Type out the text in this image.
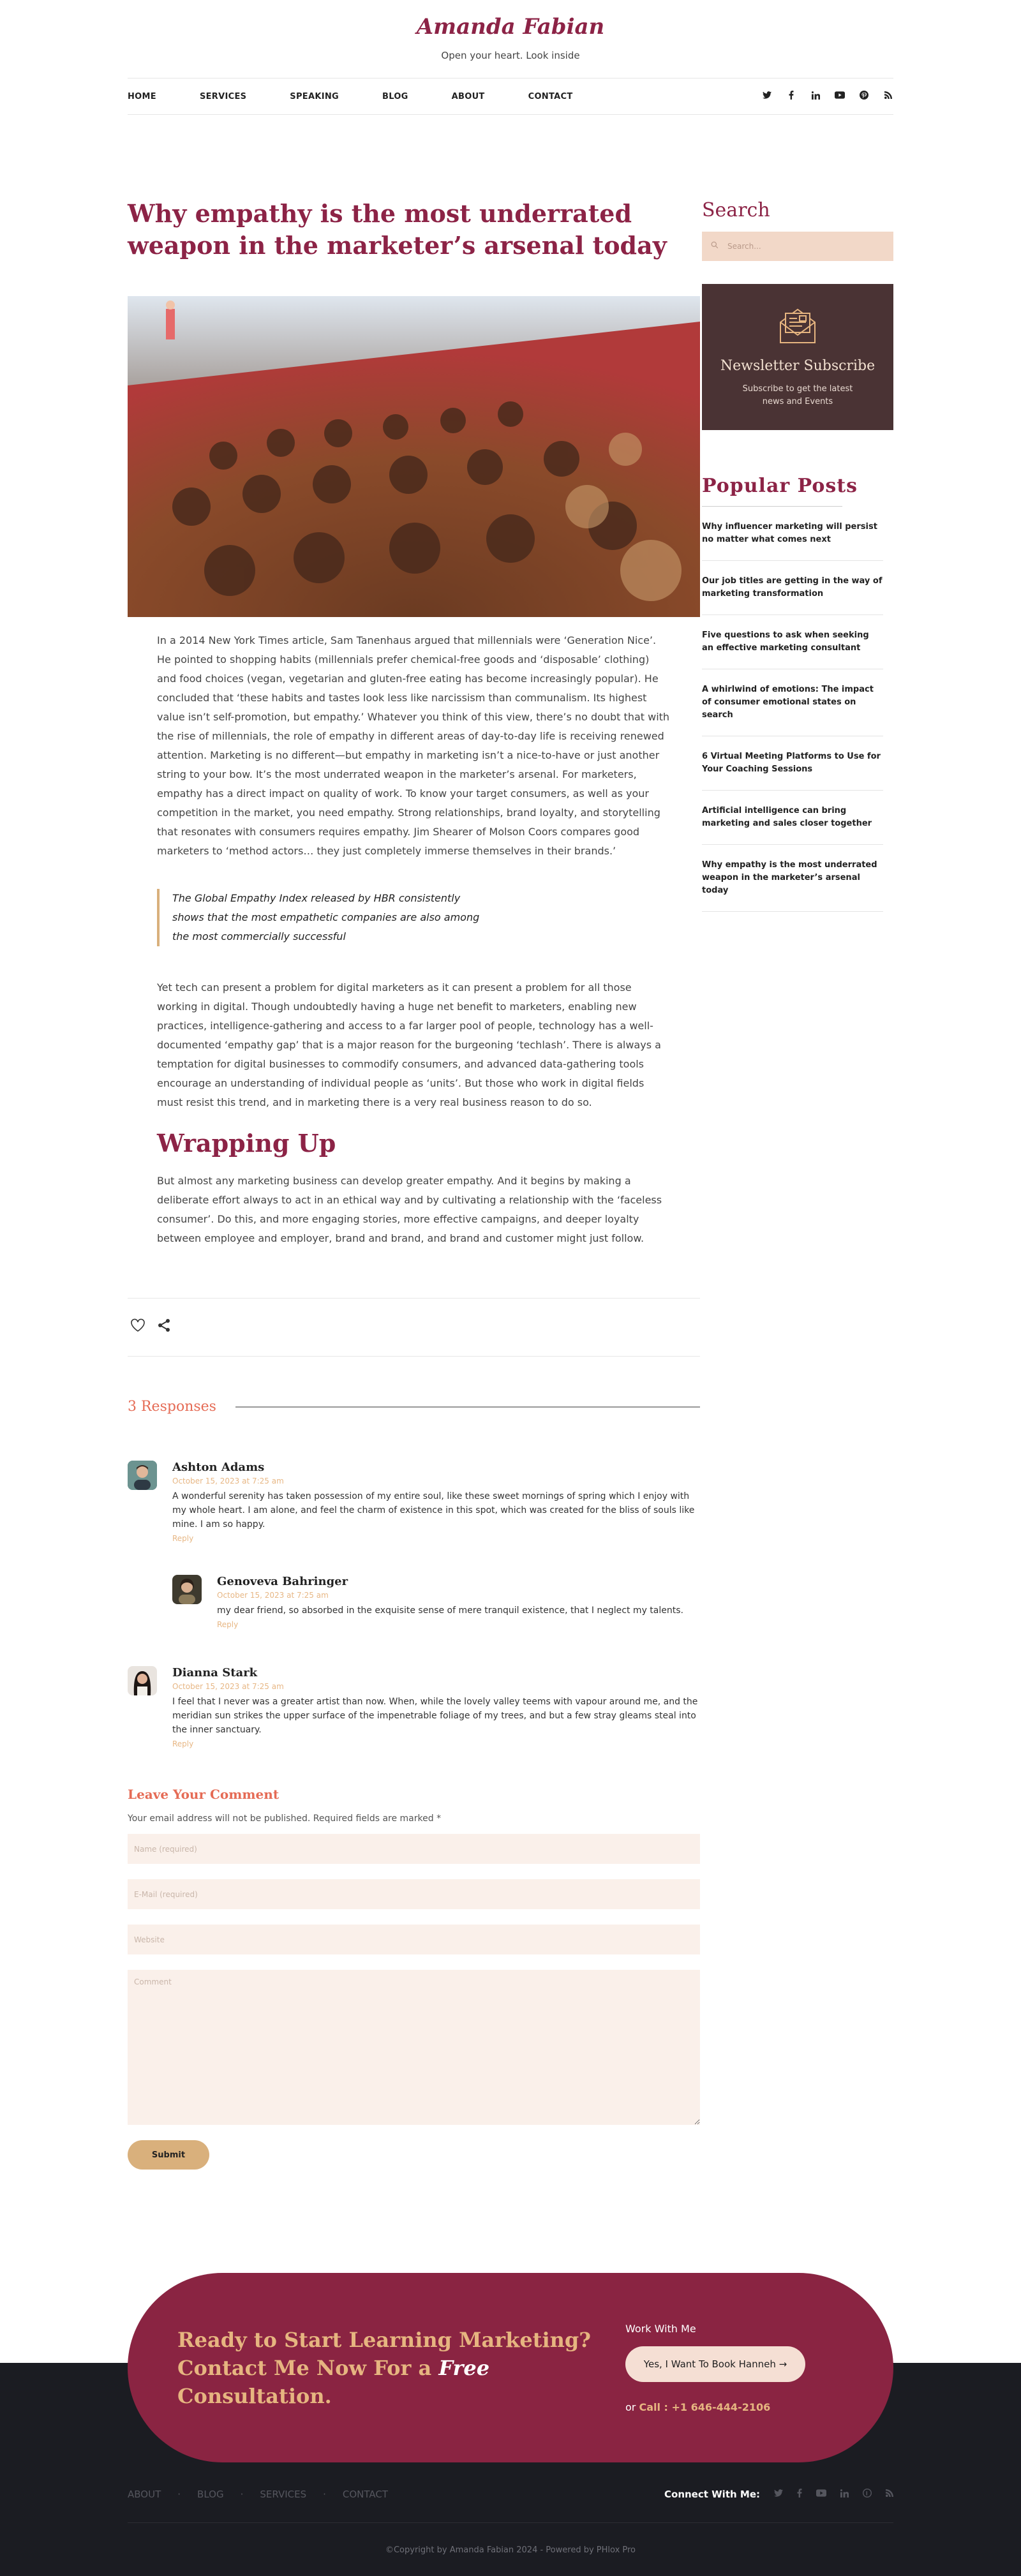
Amanda Fabian
Open your heart. Look inside
HOME	SERVICES	SPEAKING	BLOG	ABOUT	CONTACT
Why empathy is the most underrated weapon in the marketer’s arsenal today

In a 2014 New York Times article, Sam Tanenhaus argued that millennials were ‘Generation Nice’. He pointed to shopping habits (millennials prefer chemical-free goods and ‘disposable’ clothing) and food choices (vegan, vegetarian and gluten-free eating has become increasingly popular). He concluded that ‘these habits and tastes look less like narcissism than communalism. Its highest value isn’t self-promotion, but empathy.’ Whatever you think of this view, there’s no doubt that with the rise of millennials, the role of empathy in different areas of day-to-day life is receiving renewed attention. Marketing is no different—but empathy in marketing isn’t a nice-to-have or just another string to your bow. It’s the most underrated weapon in the marketer’s arsenal. For marketers, empathy has a direct impact on quality of work. To know your target consumers, as well as your competition in the market, you need empathy. Strong relationships, brand loyalty, and storytelling that resonates with consumers requires empathy. Jim Shearer of Molson Coors compares good marketers to ‘method actors… they just completely immerse themselves in their brands.’

The Global Empathy Index released by HBR consistently shows that the most empathetic companies are also among the most commercially successful

Yet tech can present a problem for digital marketers as it can present a problem for all those working in digital. Though undoubtedly having a huge net benefit to marketers, enabling new practices, intelligence-gathering and access to a far larger pool of people, technology has a well-documented ‘empathy gap’ that is a major reason for the burgeoning ‘techlash’. There is always a temptation for digital businesses to commodify consumers, and advanced data-gathering tools encourage an understanding of individual people as ‘units’. But those who work in digital fields must resist this trend, and in marketing there is a very real business reason to do so.

Wrapping Up

But almost any marketing business can develop greater empathy. And it begins by making a deliberate effort always to act in an ethical way and by cultivating a relationship with the ‘faceless consumer’. Do this, and more engaging stories, more effective campaigns, and deeper loyalty between employee and employer, brand and brand, and brand and customer might just follow.

3 Responses
Ashton Adams
October 15, 2023 at 7:25 am
A wonderful serenity has taken possession of my entire soul, like these sweet mornings of spring which I enjoy with my whole heart. I am alone, and feel the charm of existence in this spot, which was created for the bliss of souls like mine. I am so happy.
Reply
Genoveva Bahringer
October 15, 2023 at 7:25 am
my dear friend, so absorbed in the exquisite sense of mere tranquil existence, that I neglect my talents.
Reply
Dianna Stark
October 15, 2023 at 7:25 am
I feel that I never was a greater artist than now. When, while the lovely valley teems with vapour around me, and the meridian sun strikes the upper surface of the impenetrable foliage of my trees, and but a few stray gleams steal into the inner sanctuary.
Reply
Leave Your Comment

Your email address will not be published. Required fields are marked *

Name (required)
E-Mail (required)
Website
Comment Submit
Search
Search...
Newsletter Subscribe
Subscribe to get the latest news and Events
Popular Posts
Why influencer marketing will persist no matter what comes next
Our job titles are getting in the way of marketing transformation
Five questions to ask when seeking an effective marketing consultant
A whirlwind of emotions: The impact of consumer emotional states on search
6 Virtual Meeting Platforms to Use for Your Coaching Sessions
Artificial intelligence can bring marketing and sales closer together
Why empathy is the most underrated weapon in the marketer’s arsenal today
Ready to Start Learning Marketing? Contact Me Now For a Free Consultation.
Work With Me
Yes, I Want To Book Hanneh →
or Call : +1 646-444-2106
ABOUT · BLOG · SERVICES · CONTACT	Connect With Me:
©Copyright by Amanda Fabian 2024 - Powered by PHlox Pro
